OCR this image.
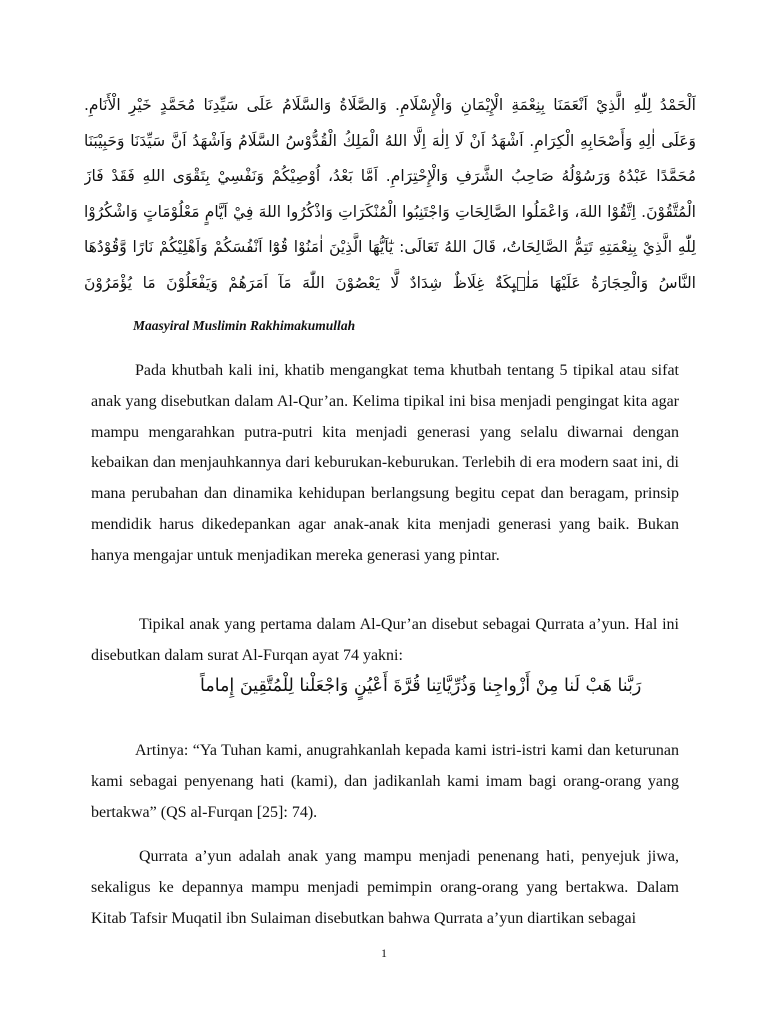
اَلْحَمْدُ لِلّٰهِ الَّذِيْ اَنْعَمَنَا بِنِعْمَةِ الْإِيْمَانِ وَالْإِسْلَامِ. وَالصَّلَاةُ وَالسَّلَامُ عَلَى سَيِّدِنَا مُحَمَّدٍ خَيْرِ الْأَنَامِ.
وَعَلَى اٰلِهِ وَأَصْحَابِهِ الْكِرَامِ. اَشْهَدُ اَنْ لَا اِلٰهَ اِلَّا اللهُ الْمَلِكُ الْقُدُّوْسُ السَّلَامُ وَاَشْهَدُ اَنَّ سَيِّدَنَا وَحَبِيْبَنَا
مُحَمَّدًا عَبْدُهُ وَرَسُوْلُهُ صَاحِبُ الشَّرَفِ وَالْإِحْتِرَامِ. اَمَّا بَعْدُ، اُوْصِيْكُمْ وَنَفْسِيْ بِتَقْوَى اللهِ فَقَدْ فَازَ
الْمُتَّقُوْنَ. اِتَّقُوْا اللهَ، وَاعْمَلُوا الصَّالِحَاتِ وَاجْتَنِبُوا الْمُنْكَرَاتِ وَاذْكُرُوا اللهَ فِيْ اَيَّامٍ مَعْلُوْمَاتٍ وَاشْكُرُوْا
لِلّٰهِ الَّذِيْ بِنِعْمَتِهِ تَتِمُّ الصَّالِحَاتُ، قَالَ اللهُ تَعَالَى: يٰٓاَيُّهَا الَّذِيْنَ اٰمَنُوْا قُوْٓا اَنْفُسَكُمْ وَاَهْلِيْكُمْ نَارًا وَّقُوْدُهَا
النَّاسُ وَالْحِجَارَةُ عَلَيْهَا مَلٰۤىِٕكَةٌ غِلَاظٌ شِدَادٌ لَّا يَعْصُوْنَ اللّٰهَ مَآ اَمَرَهُمْ وَيَفْعَلُوْنَ مَا يُؤْمَرُوْنَ
Maasyiral Muslimin Rakhimakumullah

Pada khutbah kali ini, khatib mengangkat tema khutbah tentang 5 tipikal atau sifat anak yang disebutkan dalam Al-Qur’an. Kelima tipikal ini bisa menjadi pengingat kita agar mampu mengarahkan putra-putri kita menjadi generasi yang selalu diwarnai dengan kebaikan dan menjauhkannya dari keburukan-keburukan. Terlebih di era modern saat ini, di mana perubahan dan dinamika kehidupan berlangsung begitu cepat dan beragam, prinsip mendidik harus dikedepankan agar anak-anak kita menjadi generasi yang baik. Bukan hanya mengajar untuk menjadikan mereka generasi yang pintar.

Tipikal anak yang pertama dalam Al-Qur’an disebut sebagai Qurrata a’yun. Hal ini disebutkan dalam surat Al-Furqan ayat 74 yakni:

رَبَّنا هَبْ لَنا مِنْ أَزْواجِنا وَذُرِّيَّاتِنا قُرَّةَ أَعْيُنٍ وَاجْعَلْنا لِلْمُتَّقِينَ إِماماً

Artinya: “Ya Tuhan kami, anugrahkanlah kepada kami istri-istri kami dan keturunan kami sebagai penyenang hati (kami), dan jadikanlah kami imam bagi orang-orang yang bertakwa” (QS al-Furqan [25]: 74).

Qurrata a’yun adalah anak yang mampu menjadi penenang hati, penyejuk jiwa, sekaligus ke depannya mampu menjadi pemimpin orang-orang yang bertakwa. Dalam Kitab Tafsir Muqatil ibn Sulaiman disebutkan bahwa Qurrata a’yun diartikan sebagai

1
